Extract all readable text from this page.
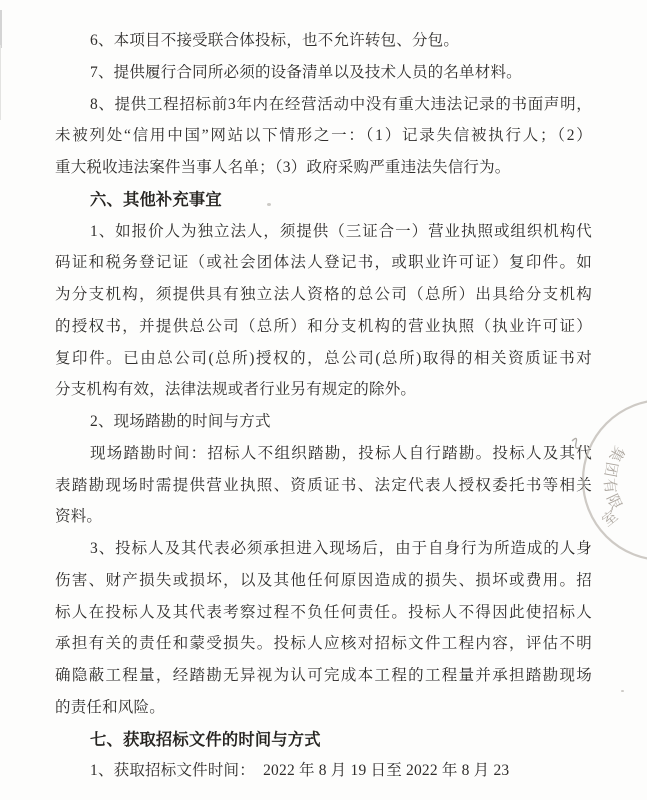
6、本项目不接受联合体投标，也不允许转包、分包。
7、提供履行合同所必须的设备清单以及技术人员的名单材料。
8、提供工程招标前3年内在经营活动中没有重大违法记录的书面声明，
未被列处“信用中国”网站以下情形之一：（1）记录失信被执行人；（2）
重大税收违法案件当事人名单；（3）政府采购严重违法失信行为。
六、其他补充事宜
1、如报价人为独立法人，须提供（三证合一）营业执照或组织机构代
码证和税务登记证（或社会团体法人登记书，或职业许可证）复印件。如
为分支机构，须提供具有独立法人资格的总公司（总所）出具给分支机构
的授权书，并提供总公司（总所）和分支机构的营业执照（执业许可证）
复印件。已由总公司(总所)授权的，总公司(总所)取得的相关资质证书对
分支机构有效，法律法规或者行业另有规定的除外。
2、现场踏勘的时间与方式
现场踏勘时间：招标人不组织踏勘，投标人自行踏勘。投标人及其代
表踏勘现场时需提供营业执照、资质证书、法定代表人授权委托书等相关
资料。
3、投标人及其代表必须承担进入现场后，由于自身行为所造成的人身
伤害、财产损失或损坏，以及其他任何原因造成的损失、损坏或费用。招
标人在投标人及其代表考察过程不负任何责任。投标人不得因此使招标人
承担有关的责任和蒙受损失。投标人应核对招标文件工程内容，评估不明
确隐蔽工程量，经踏勘无异视为认可完成本工程的工程量并承担踏勘现场
的责任和风险。
七、获取招标文件的时间与方式
1、获取招标文件时间：  2022 年 8 月 19 日至 2022 年 8 月 23
集团有限公司
室
